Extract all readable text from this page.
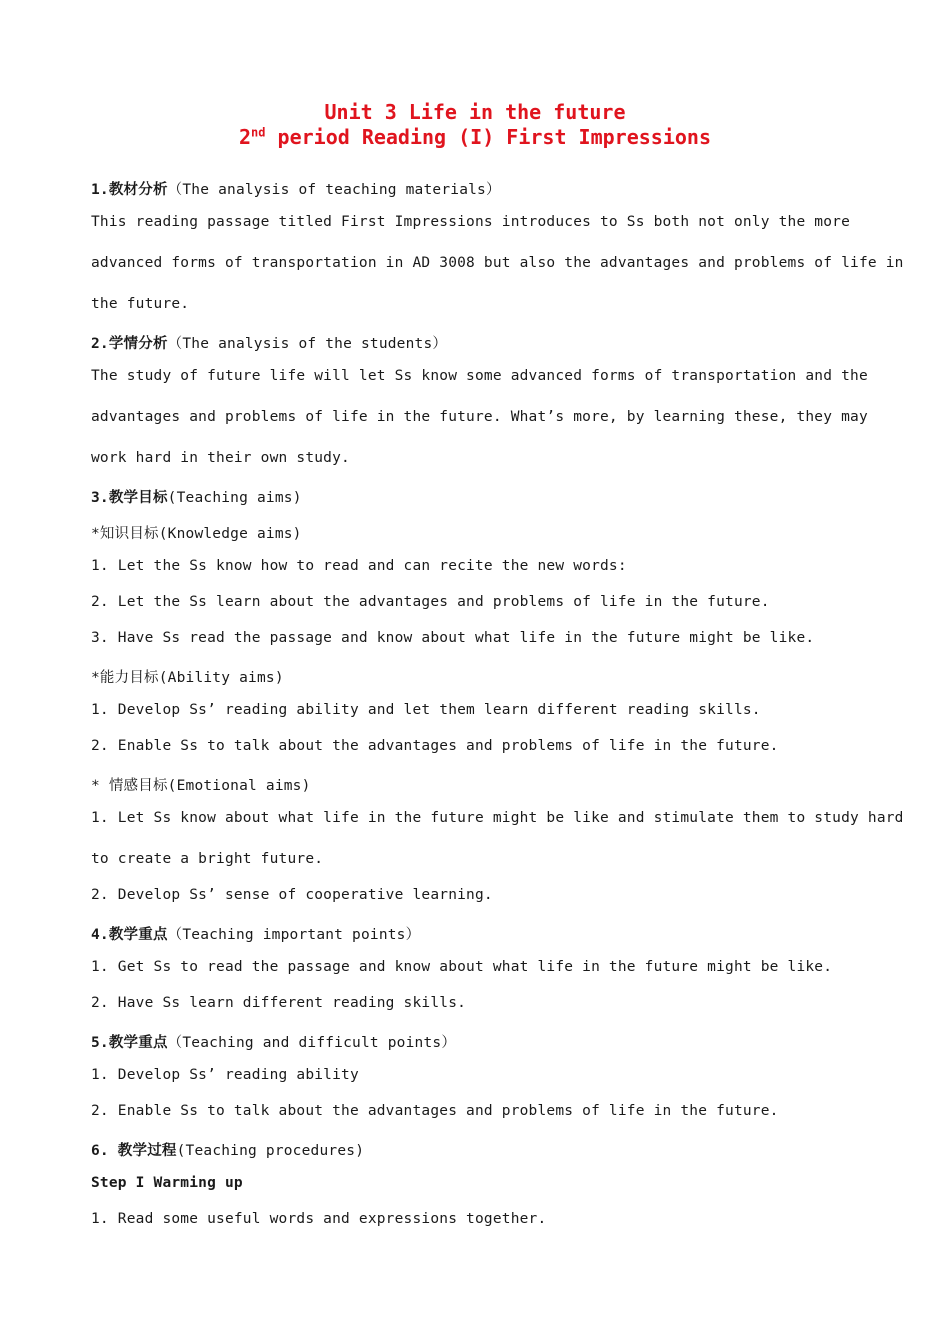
Unit 3 Life in the future
2nd period Reading (I) First Impressions
1.教材分析（The analysis of teaching materials）
This reading passage titled First Impressions introduces to Ss both not only the more
advanced forms of transportation in AD 3008 but also the advantages and problems of life in
the future.
2.学情分析（The analysis of the students）
The study of future life will let Ss know some advanced forms of transportation and the
advantages and problems of life in the future. What’s more, by learning these, they may
work hard in their own study.
3.教学目标(Teaching aims)
*知识目标(Knowledge aims)
1. Let the Ss know how to read and can recite the new words:
2. Let the Ss learn about the advantages and problems of life in the future.
3. Have Ss read the passage and know about what life in the future might be like.
*能力目标(Ability aims)
1. Develop Ss’ reading ability and let them learn different reading skills.
2. Enable Ss to talk about the advantages and problems of life in the future.
* 情感目标(Emotional aims)
1. Let Ss know about what life in the future might be like and stimulate them to study hard
to create a bright future.
2. Develop Ss’ sense of cooperative learning.
4.教学重点（Teaching important points）
1. Get Ss to read the passage and know about what life in the future might be like.
2. Have Ss learn different reading skills.
5.教学重点（Teaching and difficult points）
1. Develop Ss’ reading ability
2. Enable Ss to talk about the advantages and problems of life in the future.
6. 教学过程(Teaching procedures)
Step I Warming up
1. Read some useful words and expressions together.
